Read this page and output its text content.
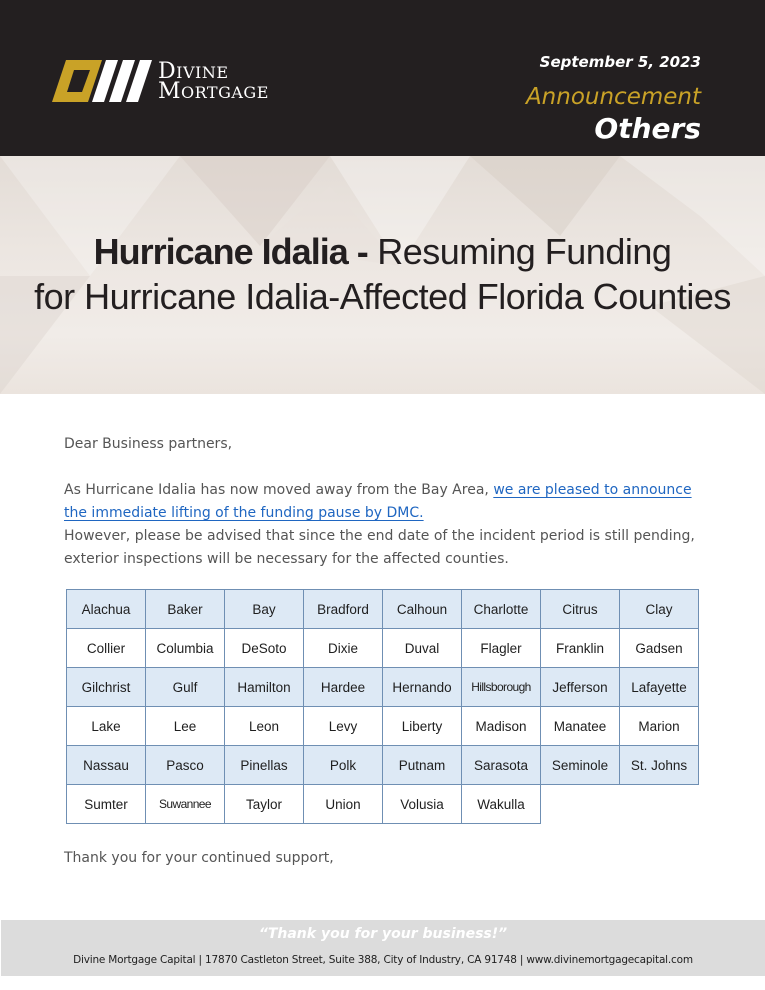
DIVINE
MORTGAGE
September 5, 2023
Announcement
Others
Hurricane Idalia - Resuming Funding
for Hurricane Idalia-Affected Florida Counties

Dear Business partners,

As Hurricane Idalia has now moved away from the Bay Area, we are pleased to announce the immediate lifting of the funding pause by DMC.
However, please be advised that since the end date of the incident period is still pending, exterior inspections will be necessary for the affected counties.
Alachua	Baker	Bay	Bradford	Calhoun	Charlotte	Citrus	Clay
Collier	Columbia	DeSoto	Dixie	Duval	Flagler	Franklin	Gadsen
Gilchrist	Gulf	Hamilton	Hardee	Hernando	Hillsborough	Jefferson	Lafayette
Lake	Lee	Leon	Levy	Liberty	Madison	Manatee	Marion
Nassau	Pasco	Pinellas	Polk	Putnam	Sarasota	Seminole	St. Johns
Sumter	Suwannee	Taylor	Union	Volusia	Wakulla		

Thank you for your continued support,

“Thank you for your business!”
Divine Mortgage Capital | 17870 Castleton Street, Suite 388, City of Industry, CA 91748 | www.divinemortgagecapital.com
